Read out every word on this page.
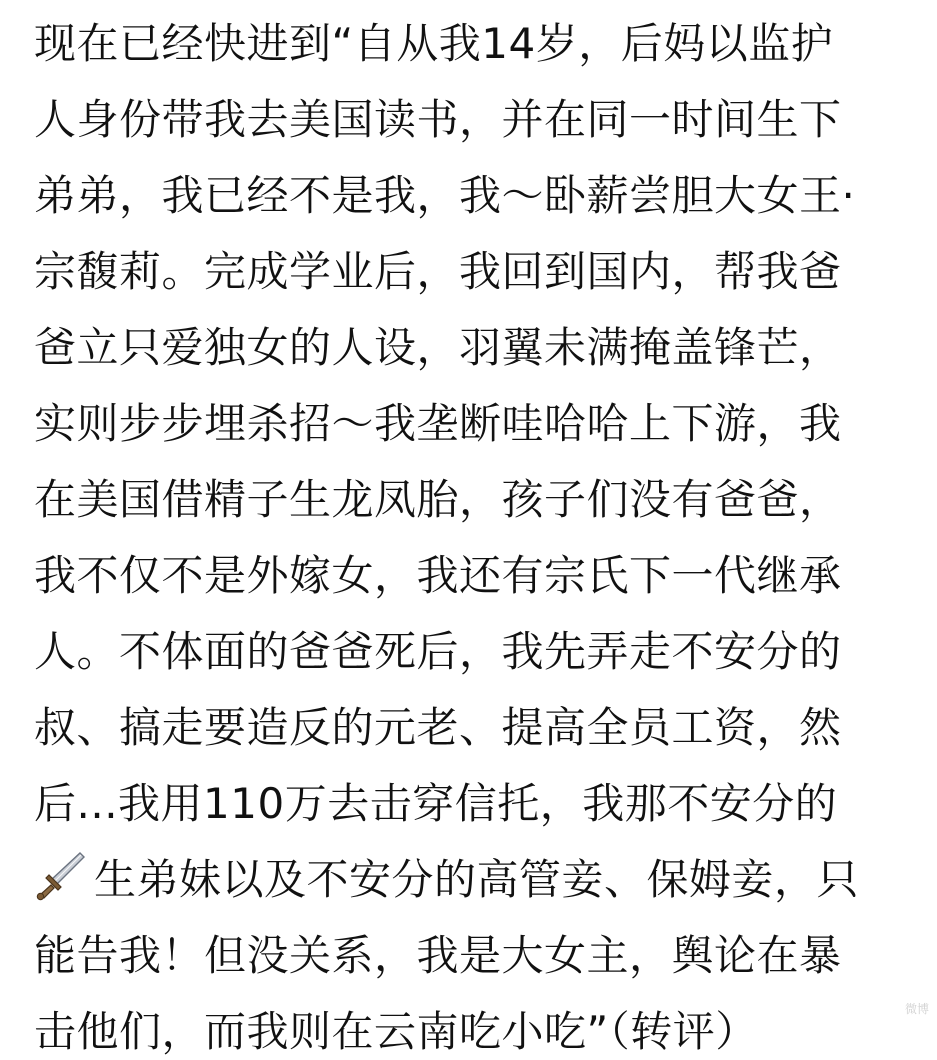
现在已经快进到“自从我14岁，后妈以监护
人身份带我去美国读书，并在同一时间生下
弟弟，我已经不是我，我～卧薪尝胆大女王·
宗馥莉。完成学业后，我回到国内，帮我爸
爸立只爱独女的人设，羽翼未满掩盖锋芒，
实则步步埋杀招～我垄断哇哈哈上下游，我
在美国借精子生龙凤胎，孩子们没有爸爸，
我不仅不是外嫁女，我还有宗氏下一代继承
人。不体面的爸爸死后，我先弄走不安分的
叔、搞走要造反的元老、提高全员工资，然
后...我用110万去击穿信托，我那不安分的
生弟妹以及不安分的高管妾、保姆妾，只
能告我！但没关系，我是大女主，舆论在暴
击他们，而我则在云南吃小吃”（转评）	微博
